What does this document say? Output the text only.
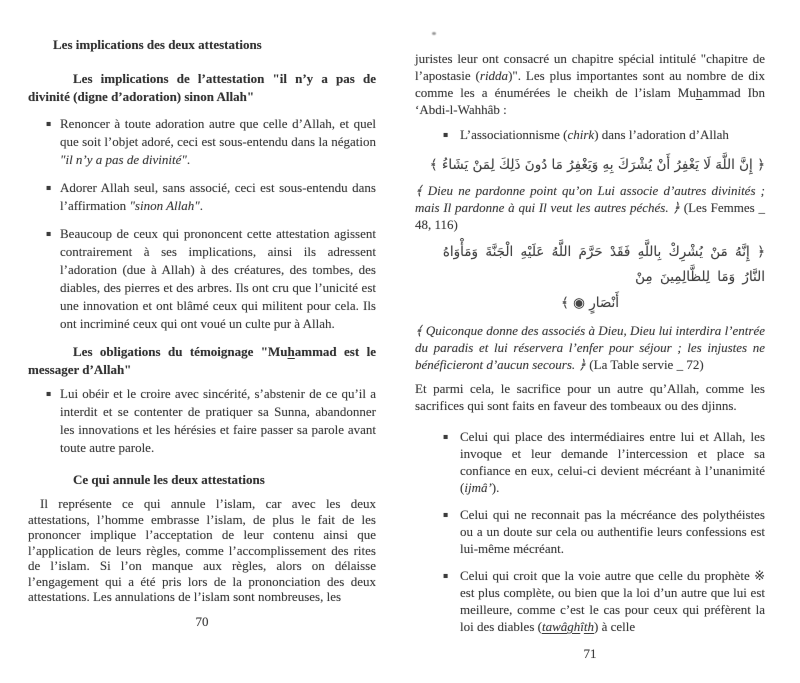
Les implications des deux attestations

Les implications de l’attestation "il n’y a pas de divinité (digne d’adoration) sinon Allah"

▪ Renoncer à toute adoration autre que celle d’Allah, et quel que soit l’objet adoré, ceci est sous-entendu dans la négation "il n’y a pas de divinité".
▪ Adorer Allah seul, sans associé, ceci est sous-entendu dans l’affirmation "sinon Allah".
▪ Beaucoup de ceux qui prononcent cette attestation agissent contrairement à ses implications, ainsi ils adressent l’adoration (due à Allah) à des créatures, des tombes, des diables, des pierres et des arbres. Ils ont cru que l’unicité est une innovation et ont blâmé ceux qui militent pour cela. Ils ont incriminé ceux qui ont voué un culte pur à Allah.

Les obligations du témoignage "Muhammad est le messager d’Allah"

▪ Lui obéir et le croire avec sincérité, s’abstenir de ce qu’il a interdit et se contenter de pratiquer sa Sunna, abandonner les innovations et les hérésies et faire passer sa parole avant toute autre parole.

Ce qui annule les deux attestations

Il représente ce qui annule l’islam, car avec les deux attestations, l’homme embrasse l’islam, de plus le fait de les prononcer implique l’acceptation de leur contenu ainsi que l’application de leurs règles, comme l’accomplissement des rites de l’islam. Si l’on manque aux règles, alors on délaisse l’engagement qui a été pris lors de la prononciation des deux attestations. Les annulations de l’islam sont nombreuses, les

70

juristes leur ont consacré un chapitre spécial intitulé "chapitre de l’apostasie (ridda)". Les plus importantes sont au nombre de dix comme les a énumérées le cheikh de l’islam Muhammad Ibn ‘Abdi-l-Wahhâb :

▪ L’associationnisme (chirk) dans l’adoration d’Allah

﴿ إِنَّ اللَّهَ لَا يَغْفِرُ أَنْ يُشْرَكَ بِهِ وَيَغْفِرُ مَا دُونَ ذَلِكَ لِمَنْ يَشَاءُ ﴾

﴾ Dieu ne pardonne point qu’on Lui associe d’autres divinités ; mais Il pardonne à qui Il veut les autres péchés. ﴿ (Les Femmes _ 48, 116)

﴿ إِنَّهُ مَنْ يُشْرِكْ بِاللَّهِ فَقَدْ حَرَّمَ اللَّهُ عَلَيْهِ الْجَنَّةَ وَمَأْوَاهُ النَّارُ وَمَا لِلظَّالِمِينَ مِنْ

أَنْصَارٍ ◉ ﴾

﴾ Quiconque donne des associés à Dieu, Dieu lui interdira l’entrée du paradis et lui réservera l’enfer pour séjour ; les injustes ne bénéficieront d’aucun secours. ﴿ (La Table servie _ 72)

Et parmi cela, le sacrifice pour un autre qu’Allah, comme les sacrifices qui sont faits en faveur des tombeaux ou des djinns.

▪ Celui qui place des intermédiaires entre lui et Allah, les invoque et leur demande l’intercession et place sa confiance en eux, celui-ci devient mécréant à l’unanimité (ijmâ’).
▪ Celui qui ne reconnait pas la mécréance des polythéistes ou a un doute sur cela ou authentifie leurs confessions est lui-même mécréant.
▪ Celui qui croit que la voie autre que celle du prophète ※ est plus complète, ou bien que la loi d’un autre que lui est meilleure, comme c’est le cas pour ceux qui préfèrent la loi des diables (tawâghîth) à celle

71
